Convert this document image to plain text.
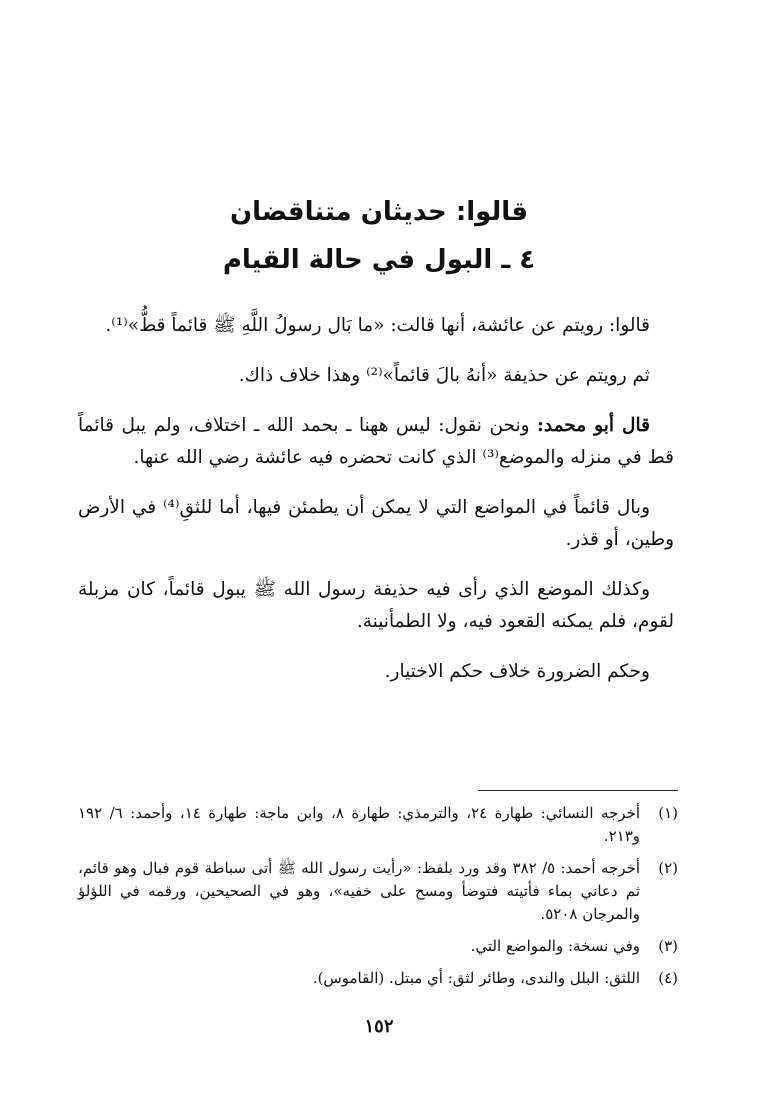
قالوا: حديثان متناقضان

٤ ـ البول في حالة القيام

قالوا: رويتم عن عائشة، أنها قالت: «ما بَال رسولُ اللَّهِ ﷺ قائماً قطُّ»⁽¹⁾.

ثم رويتم عن حذيفة «أنهُ بالَ قائماً»⁽²⁾ وهذا خلاف ذاك.

قال أبو محمد: ونحن نقول: ليس ههنا ـ بحمد الله ـ اختلاف، ولم يبل قائماً قط في منزله والموضع⁽³⁾ الذي كانت تحضره فيه عائشة رضي الله عنها.

وبال قائماً في المواضع التي لا يمكن أن يطمئن فيها، أما للثقِ⁽⁴⁾ في الأرض وطين، أو قذر.

وكذلك الموضع الذي رأى فيه حذيفة رسول الله ﷺ يبول قائماً، كان مزبلة لقوم، فلم يمكنه القعود فيه، ولا الطمأنينة.

وحكم الضرورة خلاف حكم الاختيار.

(١)
أخرجه النسائي: طهارة ٢٤، والترمذي: طهارة ٨، وابن ماجة: طهارة ١٤، وأحمد: ٦/ ١٩٢ و٢١٣.
(٢)
أخرجه أحمد: ٥/ ٣٨٢ وقد ورد بلفظ: «رأيت رسول الله ﷺ أتى سباطة قوم فبال وهو قائم، ثم دعاني بماء فأتيته فتوضأ ومسح على خفيه»، وهو في الصحيحين، ورقمه في اللؤلؤ والمرجان ٥٢٠٨.
(٣)
وفي نسخة: والمواضع التي.
(٤)
اللثق: البلل والندى، وطائر لثق: أي مبتل. (القاموس).
١٥٢
